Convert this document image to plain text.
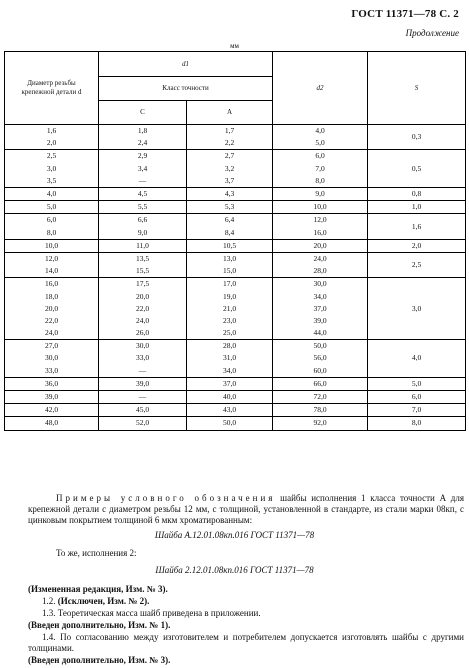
ГОСТ 11371—78 С. 2
Продолжение
мм
Диаметр резьбы крепежной детали d	d1		d2	S
	Класс точности			
	С	А		
1,6	1,8	1,7	4,0	0,3
2,0	2,4	2,2	5,0	
2,5	2,9	2,7	6,0	0,5
3,0	3,4	3,2	7,0	
3,5	—	3,7	8,0	
4,0	4,5	4,3	9,0	0,8
5,0	5,5	5,3	10,0	1,0
6,0	6,6	6,4	12,0	1,6
8,0	9,0	8,4	16,0	
10,0	11,0	10,5	20,0	2,0
12,0	13,5	13,0	24,0	2,5
14,0	15,5	15,0	28,0	
16,0	17,5	17,0	30,0	3,0
18,0	20,0	19,0	34,0	
20,0	22,0	21,0	37,0	
22,0	24,0	23,0	39,0	
24,0	26,0	25,0	44,0	
27,0	30,0	28,0	50,0	4,0
30,0	33,0	31,0	56,0	
33,0	—	34,0	60,0	
36,0	39,0	37,0	66,0	5,0
39,0	—	40,0	72,0	6,0
42,0	45,0	43,0	78,0	7,0
48,0	52,0	50,0	92,0	8,0
Примеры условного обозначения шайбы исполнения 1 класса точности А для крепежной детали с диаметром резьбы 12 мм, с толщиной, установленной в стандарте, из стали марки 08кп, с цинковым покрытием толщиной 6 мкм хроматированным:
Шайба А.12.01.08кп.016 ГОСТ 11371—78
То же, исполнения 2:
Шайба 2.12.01.08кп.016 ГОСТ 11371—78
(Измененная редакция, Изм. № 3).
1.2. (Исключен, Изм. № 2).
1.3. Теоретическая масса шайб приведена в приложении.
(Введен дополнительно, Изм. № 1).
1.4. По согласованию между изготовителем и потребителем допускается изготовлять шайбы с другими толщинами.
(Введен дополнительно, Изм. № 3).
